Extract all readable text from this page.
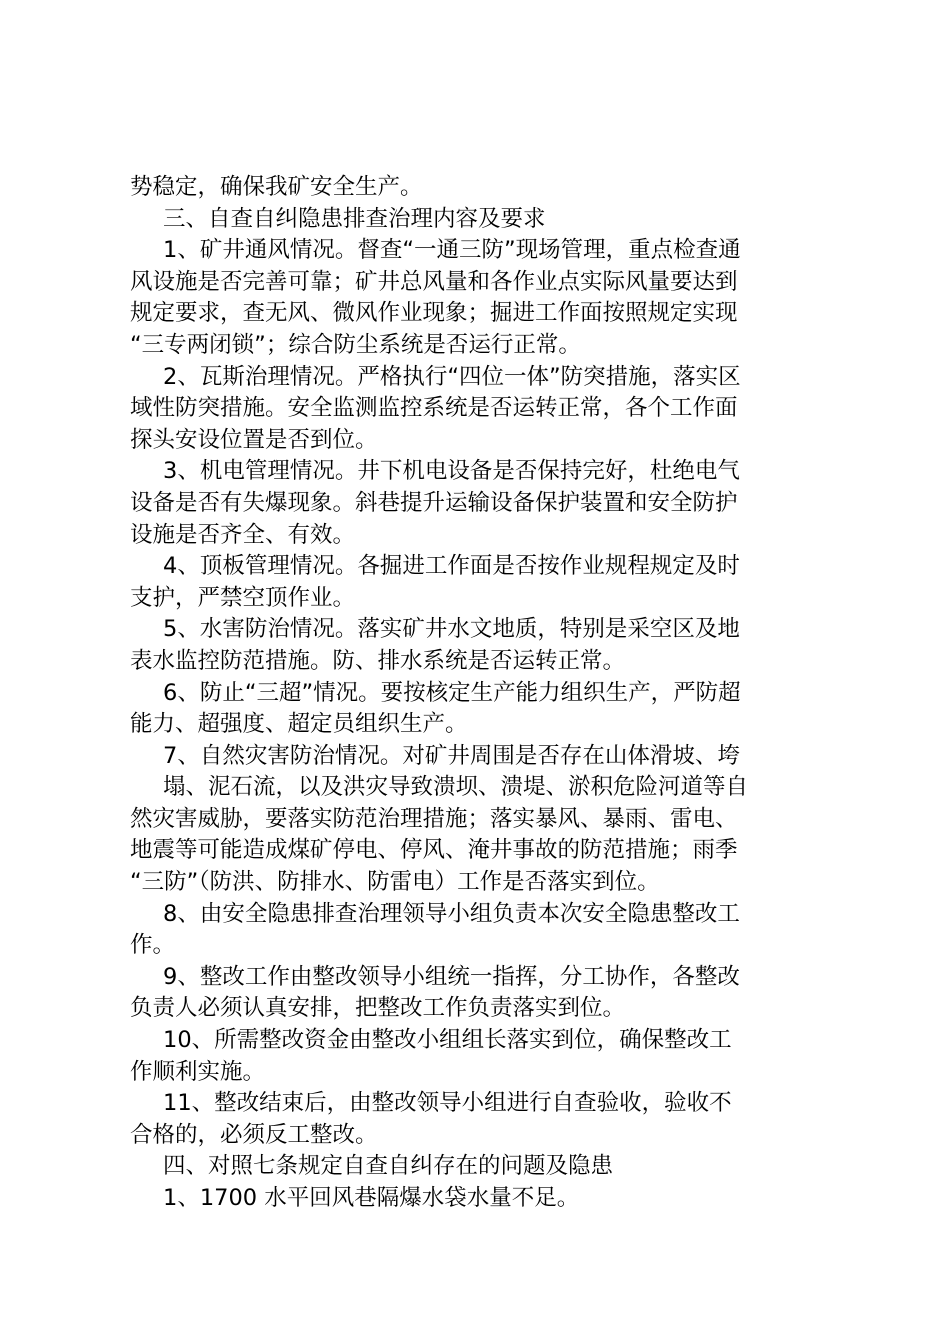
势稳定，确保我矿安全生产。

三、自查自纠隐患排查治理内容及要求

1、矿井通风情况。督查“一通三防”现场管理，重点检查通

风设施是否完善可靠；矿井总风量和各作业点实际风量要达到

规定要求，查无风、微风作业现象；掘进工作面按照规定实现

“三专两闭锁”；综合防尘系统是否运行正常。

2、瓦斯治理情况。严格执行“四位一体”防突措施，落实区

域性防突措施。安全监测监控系统是否运转正常，各个工作面

探头安设位置是否到位。

3、机电管理情况。井下机电设备是否保持完好，杜绝电气

设备是否有失爆现象。斜巷提升运输设备保护装置和安全防护

设施是否齐全、有效。

4、顶板管理情况。各掘进工作面是否按作业规程规定及时

支护，严禁空顶作业。

5、水害防治情况。落实矿井水文地质，特别是采空区及地

表水监控防范措施。防、排水系统是否运转正常。

6、防止“三超”情况。要按核定生产能力组织生产，严防超

能力、超强度、超定员组织生产。

7、自然灾害防治情况。对矿井周围是否存在山体滑坡、垮

塌、泥石流，以及洪灾导致溃坝、溃堤、淤积危险河道等自

然灾害威胁，要落实防范治理措施；落实暴风、暴雨、雷电、

地震等可能造成煤矿停电、停风、淹井事故的防范措施；雨季

“三防”（防洪、防排水、防雷电）工作是否落实到位。

8、由安全隐患排查治理领导小组负责本次安全隐患整改工

作。

9、整改工作由整改领导小组统一指挥，分工协作，各整改

负责人必须认真安排，把整改工作负责落实到位。

10、所需整改资金由整改小组组长落实到位，确保整改工

作顺利实施。

11、整改结束后，由整改领导小组进行自查验收，验收不

合格的，必须反工整改。

四、对照七条规定自查自纠存在的问题及隐患

1、1700 水平回风巷隔爆水袋水量不足。
